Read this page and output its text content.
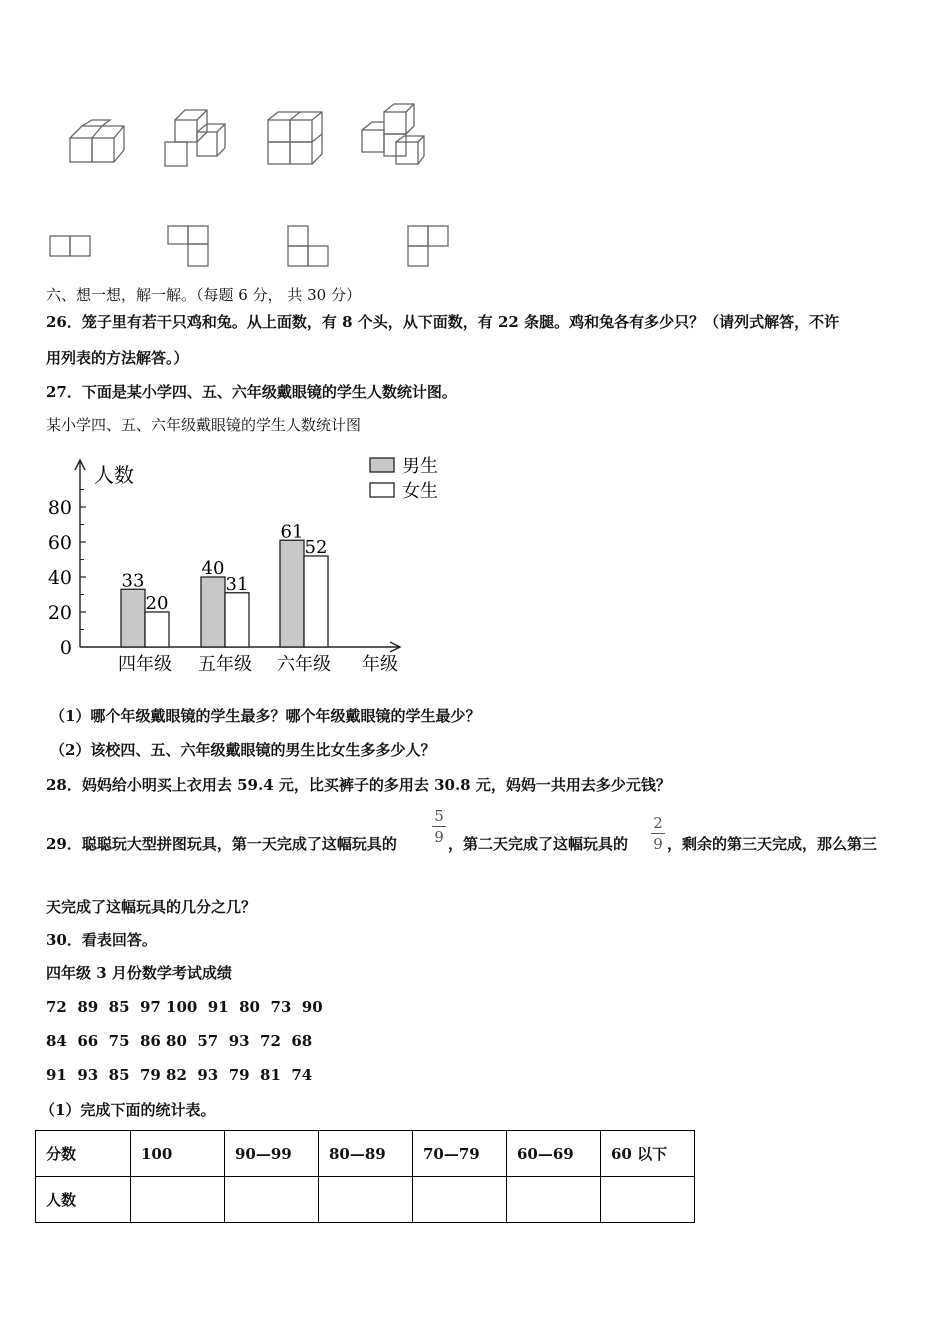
六、想一想，解一解。（每题 6 分， 共 30 分）
26．笼子里有若干只鸡和兔。从上面数，有 8 个头，从下面数，有 22 条腿。鸡和兔各有多少只？（请列式解答，不许
用列表的方法解答。）
27．下面是某小学四、五、六年级戴眼镜的学生人数统计图。
某小学四、五、六年级戴眼镜的学生人数统计图
人数
年级
0
20
40
60
80
33
20
四年级
40
31
五年级
61
52
六年级
男生
女生
（1）哪个年级戴眼镜的学生最多？哪个年级戴眼镜的学生最少？
（2）该校四、五、六年级戴眼镜的男生比女生多多少人？
28．妈妈给小明买上衣用去 59.4 元，比买裤子的多用去 30.8 元，妈妈一共用去多少元钱？
29．聪聪玩大型拼图玩具，第一天完成了这幅玩具的
5
9 ，第二天完成了这幅玩具的
2
9 ，剩余的第三天完成，那么第三
天完成了这幅玩具的几分之几？
30．看表回答。
四年级 3 月份数学考试成绩
72  89  85  97 100  91  80  73  90
84  66  75  86 80  57  93  72  68
91  93  85  79 82  93  79  81  74
（1）完成下面的统计表。
分数	100	90—99	80—89	70—79	60—69	60 以下
人数						
